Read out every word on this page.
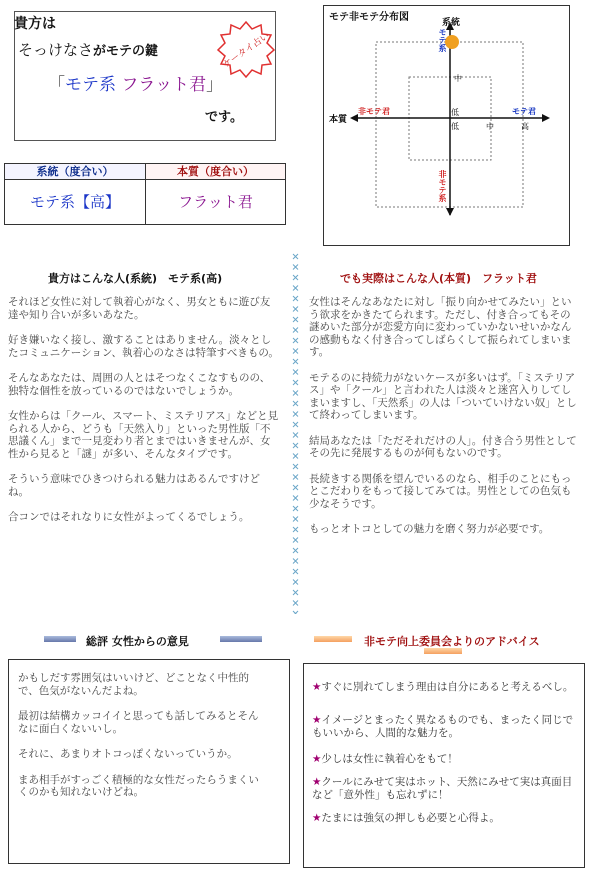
貴方は
そっけなさがモテの鍵
「モテ系 フラット君」
です。
ケータイ占い
系統（度合い）	本質（度合い）
モテ系【高】	フラット君
モテ非モテ分布図	系統
本質
モテ系
非モテ系
非モテ君	モテ君
中
低
低	中	高
貴方はこんな人(系統)　モテ系(高)

それほど女性に対して執着心がなく、男女ともに遊び友達や知り合いが多いあなた。

好き嫌いなく接し、激することはありません。淡々としたコミュニケーション、執着心のなさは特筆すべきもの。

そんなあなたは、周囲の人とはそつなくこなすものの、独特な個性を放っているのではないでしょうか。

女性からは「クール、スマート、ミステリアス」などと見られる人から、どうも「天然入り」といった男性版「不思議くん」まで一見変わり者とまではいきませんが、女性から見ると「謎」が多い、そんなタイプです。

そういう意味でひきつけられる魅力はあるんですけどね。

合コンではそれなりに女性がよってくるでしょう。

でも実際はこんな人(本質)　フラット君

女性はそんなあなたに対し「振り向かせてみたい」という欲求をかきたてられます。ただし、付き合ってもその謎めいた部分が恋愛方向に変わっていかないせいかなんの感動もなく付き合ってしばらくして振られてしまいます。

モテるのに持続力がないケースが多いはず。「ミステリアス」や「クール」と言われた人は淡々と迷宮入りしてしまいますし、「天然系」の人は「ついていけない奴」として終わってしまいます。

結局あなたは「ただそれだけの人」。付き合う男性としてその先に発展するものが何もないのです。

長続きする関係を望んでいるのなら、相手のことにもっとこだわりをもって接してみては。男性としての色気も少なそうです。

もっとオトコとしての魅力を磨く努力が必要です。

総評 女性からの意見

かもしだす雰囲気はいいけど、どことなく中性的で、色気がないんだよね。

最初は結構カッコイイと思っても話してみるとそんなに面白くないいし。

それに、あまりオトコっぽくないっていうか。

まあ相手がすっごく積極的な女性だったらうまくいくのかも知れないけどね。

非モテ向上委員会よりのアドバイス
★すぐに別れてしまう理由は自分にあると考えるべし。
★イメージとまったく異なるものでも、まったく同じでもいいから、人間的な魅力を。
★少しは女性に執着心をもて！
★クールにみせて実はホット、天然にみせて実は真面目など「意外性」も忘れずに！
★たまには強気の押しも必要と心得よ。
